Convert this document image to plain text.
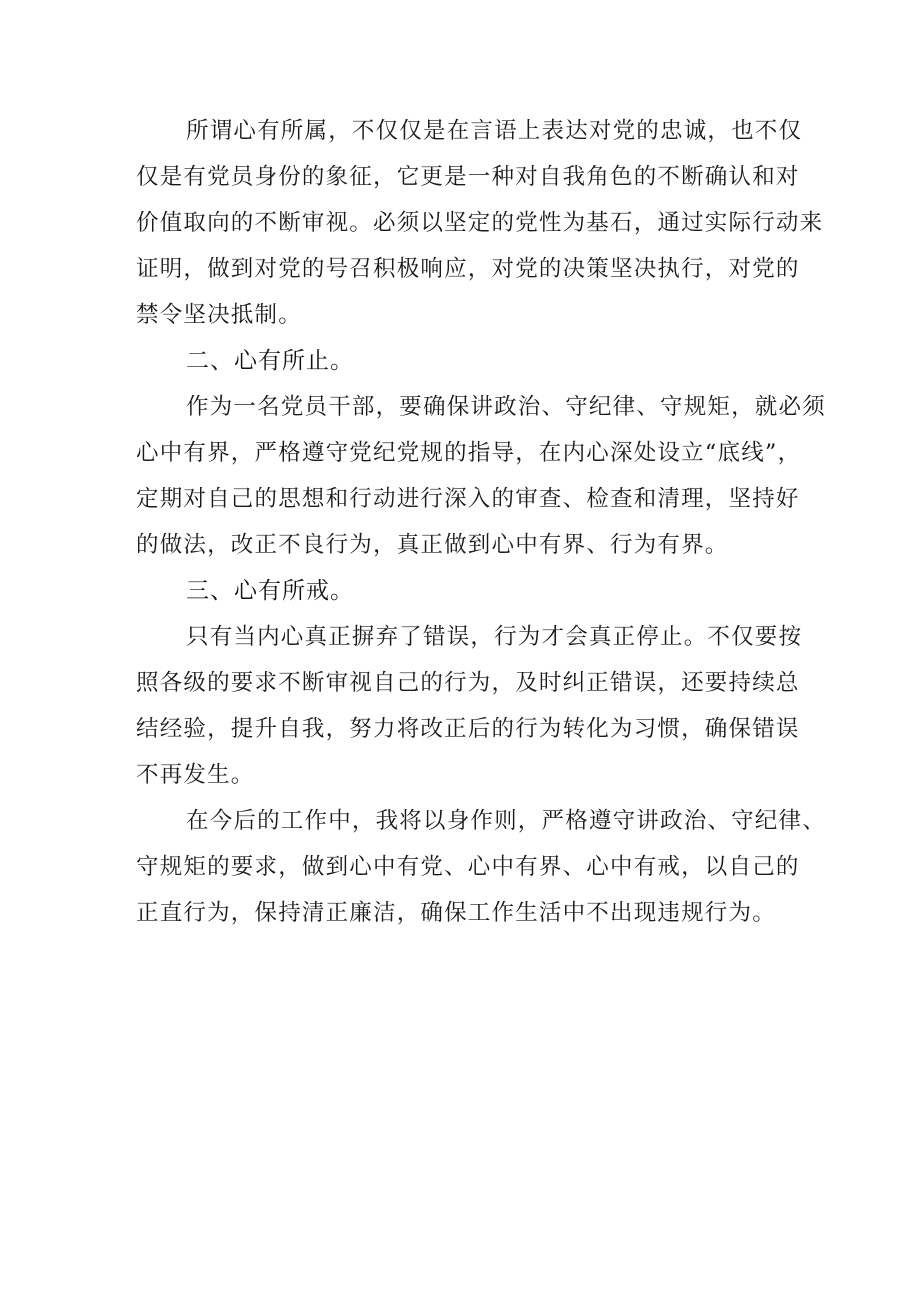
所谓心有所属，不仅仅是在言语上表达对党的忠诚，也不仅
仅是有党员身份的象征，它更是一种对自我角色的不断确认和对
价值取向的不断审视。必须以坚定的党性为基石，通过实际行动来
证明，做到对党的号召积极响应，对党的决策坚决执行，对党的
禁令坚决抵制。
二、心有所止。
作为一名党员干部，要确保讲政治、守纪律、守规矩，就必须
心中有界，严格遵守党纪党规的指导，在内心深处设立“底线”，
定期对自己的思想和行动进行深入的审查、检查和清理，坚持好
的做法，改正不良行为，真正做到心中有界、行为有界。
三、心有所戒。
只有当内心真正摒弃了错误，行为才会真正停止。不仅要按
照各级的要求不断审视自己的行为，及时纠正错误，还要持续总
结经验，提升自我，努力将改正后的行为转化为习惯，确保错误
不再发生。
在今后的工作中，我将以身作则，严格遵守讲政治、守纪律、
守规矩的要求，做到心中有党、心中有界、心中有戒，以自己的
正直行为，保持清正廉洁，确保工作生活中不出现违规行为。
